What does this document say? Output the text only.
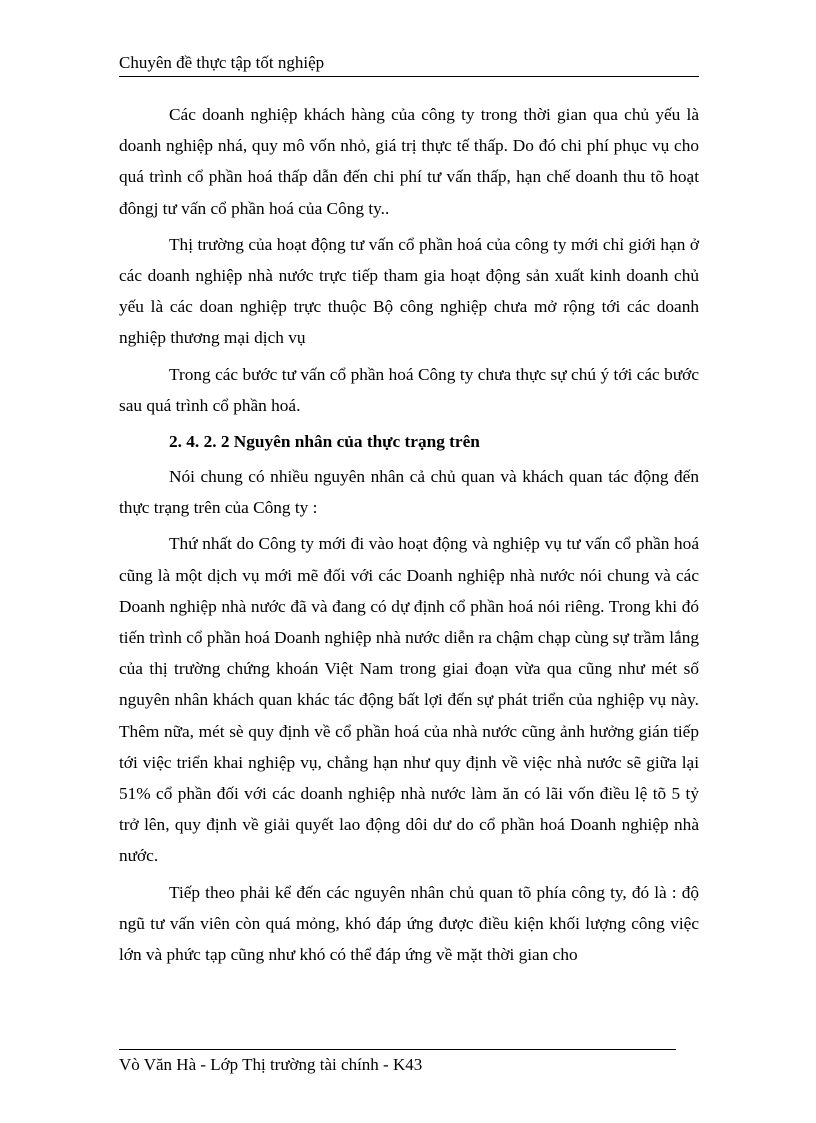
Chuyên đề thực tập tốt nghiệp

Các doanh nghiệp khách hàng của công ty trong thời gian qua chủ yếu là doanh nghiệp nhá, quy mô vốn nhỏ, giá trị thực tế thấp. Do đó chi phí phục vụ cho quá trình cổ phần hoá thấp dẫn đến chi phí tư vấn thấp, hạn chế doanh thu tõ hoạt đôngj tư vấn cổ phần hoá của Công ty..

Thị trường của hoạt động tư vấn cổ phần hoá của công ty mới chỉ giới hạn ở các doanh nghiệp nhà nước trực tiếp tham gia hoạt động sản xuất kinh doanh chủ yếu là các doan nghiệp trực thuộc Bộ công nghiệp chưa mở rộng tới các doanh nghiệp thương mại dịch vụ

Trong các bước tư vấn cổ phần hoá Công ty chưa thực sự chú ý tới các bước sau quá trình cổ phần hoá.

2. 4. 2. 2 Nguyên nhân của thực trạng trên

Nói chung có nhiều nguyên nhân cả chủ quan và khách quan tác động đến thực trạng trên của Công ty :

Thứ nhất do Công ty mới đi vào hoạt động và nghiệp vụ tư vấn cổ phần hoá cũng là một dịch vụ mới mẽ đối với các Doanh nghiệp nhà nước nói chung và các Doanh nghiệp nhà nước đã và đang có dự định cổ phần hoá nói riêng. Trong khi đó tiến trình cổ phần hoá Doanh nghiệp nhà nước diễn ra chậm chạp cùng sự trầm lắng của thị trường chứng khoán Việt Nam trong giai đoạn vừa qua cũng như mét số nguyên nhân khách quan khác tác động bất lợi đến sự phát triển của nghiệp vụ này. Thêm nữa, mét sè quy định về cổ phần hoá của nhà nước cũng ảnh hưởng gián tiếp tới việc triển khai nghiệp vụ, chẳng hạn như quy định về việc nhà nước sẽ giữa lại 51% cổ phần đối với các doanh nghiệp nhà nước làm ăn có lãi vốn điều lệ tõ 5 tỷ trở lên, quy định về giải quyết lao động dôi dư do cổ phần hoá Doanh nghiệp nhà nước.

Tiếp theo phải kể đến các nguyên nhân chủ quan tõ phía công ty, đó là : độ ngũ tư vấn viên còn quá mỏng, khó đáp ứng được điều kiện khối lượng công việc lớn và phức tạp cũng như khó có thể đáp ứng về mặt thời gian cho

Vò Văn Hà - Lớp Thị trường tài chính - K43
